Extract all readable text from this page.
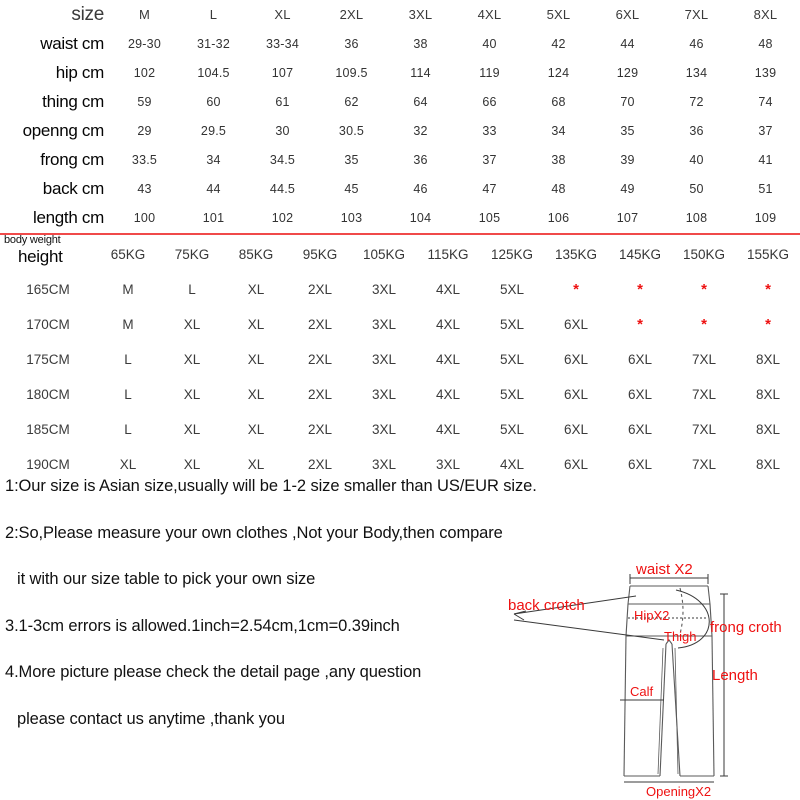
size	M	L	XL	2XL	3XL	4XL	5XL	6XL	7XL	8XL
waist cm	29-30	31-32	33-34	36	38	40	42	44	46	48
hip cm	102	104.5	107	109.5	114	119	124	129	134	139
thing cm	59	60	61	62	64	66	68	70	72	74
openng cm	29	29.5	30	30.5	32	33	34	35	36	37
frong cm	33.5	34	34.5	35	36	37	38	39	40	41
back cm	43	44	44.5	45	46	47	48	49	50	51
length cm	100	101	102	103	104	105	106	107	108	109
body weight
height	65KG	75KG	85KG	95KG	105KG	115KG	125KG	135KG	145KG	150KG	155KG
165CM	M	L	XL	2XL	3XL	4XL	5XL	*	*	*	*
170CM	M	XL	XL	2XL	3XL	4XL	5XL	6XL	*	*	*
175CM	L	XL	XL	2XL	3XL	4XL	5XL	6XL	6XL	7XL	8XL
180CM	L	XL	XL	2XL	3XL	4XL	5XL	6XL	6XL	7XL	8XL
185CM	L	XL	XL	2XL	3XL	4XL	5XL	6XL	6XL	7XL	8XL
190CM	XL	XL	XL	2XL	3XL	3XL	4XL	6XL	6XL	7XL	8XL
1:Our size is Asian size,usually will be 1-2 size smaller than US/EUR size.
2:So,Please measure your own clothes ,Not your Body,then compare
it with our size table to pick your own size
3.1-3cm errors is allowed.1inch=2.54cm,1cm=0.39inch
4.More picture please check the detail page ,any question
please contact us anytime ,thank you
waist X2
back crotch
HipX2
Thigh
frong croth
Length
Calf
OpeningX2
